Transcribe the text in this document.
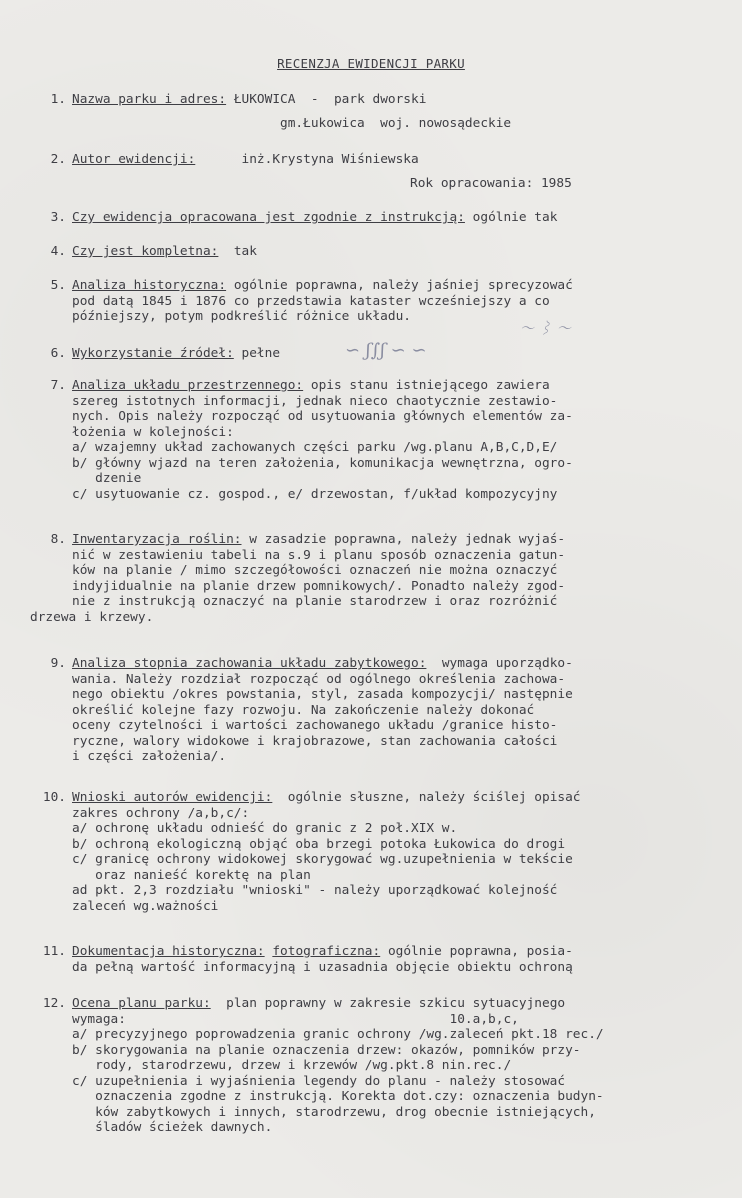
RECENZJA EWIDENCJI PARKU
1. Nazwa parku i adres: ŁUKOWICA  -  park dworski
gm.Łukowica  woj. nowosądeckie
2. Autor ewidencji:	inż.Krystyna Wiśniewska
Rok opracowania: 1985
3. Czy ewidencja opracowana jest zgodnie z instrukcją: ogólnie tak
4. Czy jest kompletna: tak
5. Analiza historyczna: ogólnie poprawna, należy jaśniej sprecyzować

pod datą 1845 i 1876 co przedstawia kataster wcześniejszy a co
późniejszy, potym podkreślić różnice układu.
〜 ⌇ 〜
6. Wykorzystanie źródeł: pełne	∽ ʃ∫ʃ ∽ ∽
7. Analiza układu przestrzennego: opis stanu istniejącego zawiera

szereg istotnych informacji, jednak nieco chaotycznie zestawio-
nych. Opis należy rozpocząć od usytuowania głównych elementów za-
łożenia w kolejności:
a/ wzajemny układ zachowanych części parku /wg.planu A,B,C,D,E/
b/ główny wjazd na teren założenia, komunikacja wewnętrzna, ogro-
dzenie
c/ usytuowanie cz. gospod., e/ drzewostan, f/układ kompozycyjny
8. Inwentaryzacja roślin: w zasadzie poprawna, należy jednak wyjaś-

nić w zestawieniu tabeli na s.9 i planu sposób oznaczenia gatun-
ków na planie / mimo szczegółowości oznaczeń nie można oznaczyć
indyjidualnie na planie drzew pomnikowych/. Ponadto należy zgod-
nie z instrukcją oznaczyć na planie starodrzew i oraz rozróżnić
drzewa i krzewy.
9. Analiza stopnia zachowania układu zabytkowego: wymaga uporządko-

wania. Należy rozdział rozpocząć od ogólnego określenia zachowa-
nego obiektu /okres powstania, styl, zasada kompozycji/ następnie
określić kolejne fazy rozwoju. Na zakończenie należy dokonać
oceny czytelności i wartości zachowanego układu /granice histo-
ryczne, walory widokowe i krajobrazowe, stan zachowania całości
i części założenia/.
10. Wnioski autorów ewidencji: ogólnie słuszne, należy ściślej opisać

zakres ochrony /a,b,c/:
a/ ochronę układu odnieść do granic z 2 poł.XIX w.
b/ ochroną ekologiczną objąć oba brzegi potoka Łukowica do drogi
c/ granicę ochrony widokowej skorygować wg.uzupełnienia w tekście
oraz nanieść korektę na plan
ad pkt. 2,3 rozdziału "wnioski" - należy uporządkować kolejność
zaleceń wg.ważności
11. Dokumentacja historyczna: fotograficzna: ogólnie poprawna, posia-

da pełną wartość informacyjną i uzasadnia objęcie obiektu ochroną
12. Ocena planu parku: plan poprawny w zakresie szkicu sytuacyjnego

wymaga:                                          10.a,b,c,
a/ precyzyjnego poprowadzenia granic ochrony /wg.zaleceń pkt.18 rec./
b/ skorygowania na planie oznaczenia drzew: okazów, pomników przy-
rody, starodrzewu, drzew i krzewów /wg.pkt.8 nin.rec./
c/ uzupełnienia i wyjaśnienia legendy do planu - należy stosować
oznaczenia zgodne z instrukcją. Korekta dot.czy: oznaczenia budyn-
ków zabytkowych i innych, starodrzewu, drog obecnie istniejących,
śladów ścieżek dawnych.
